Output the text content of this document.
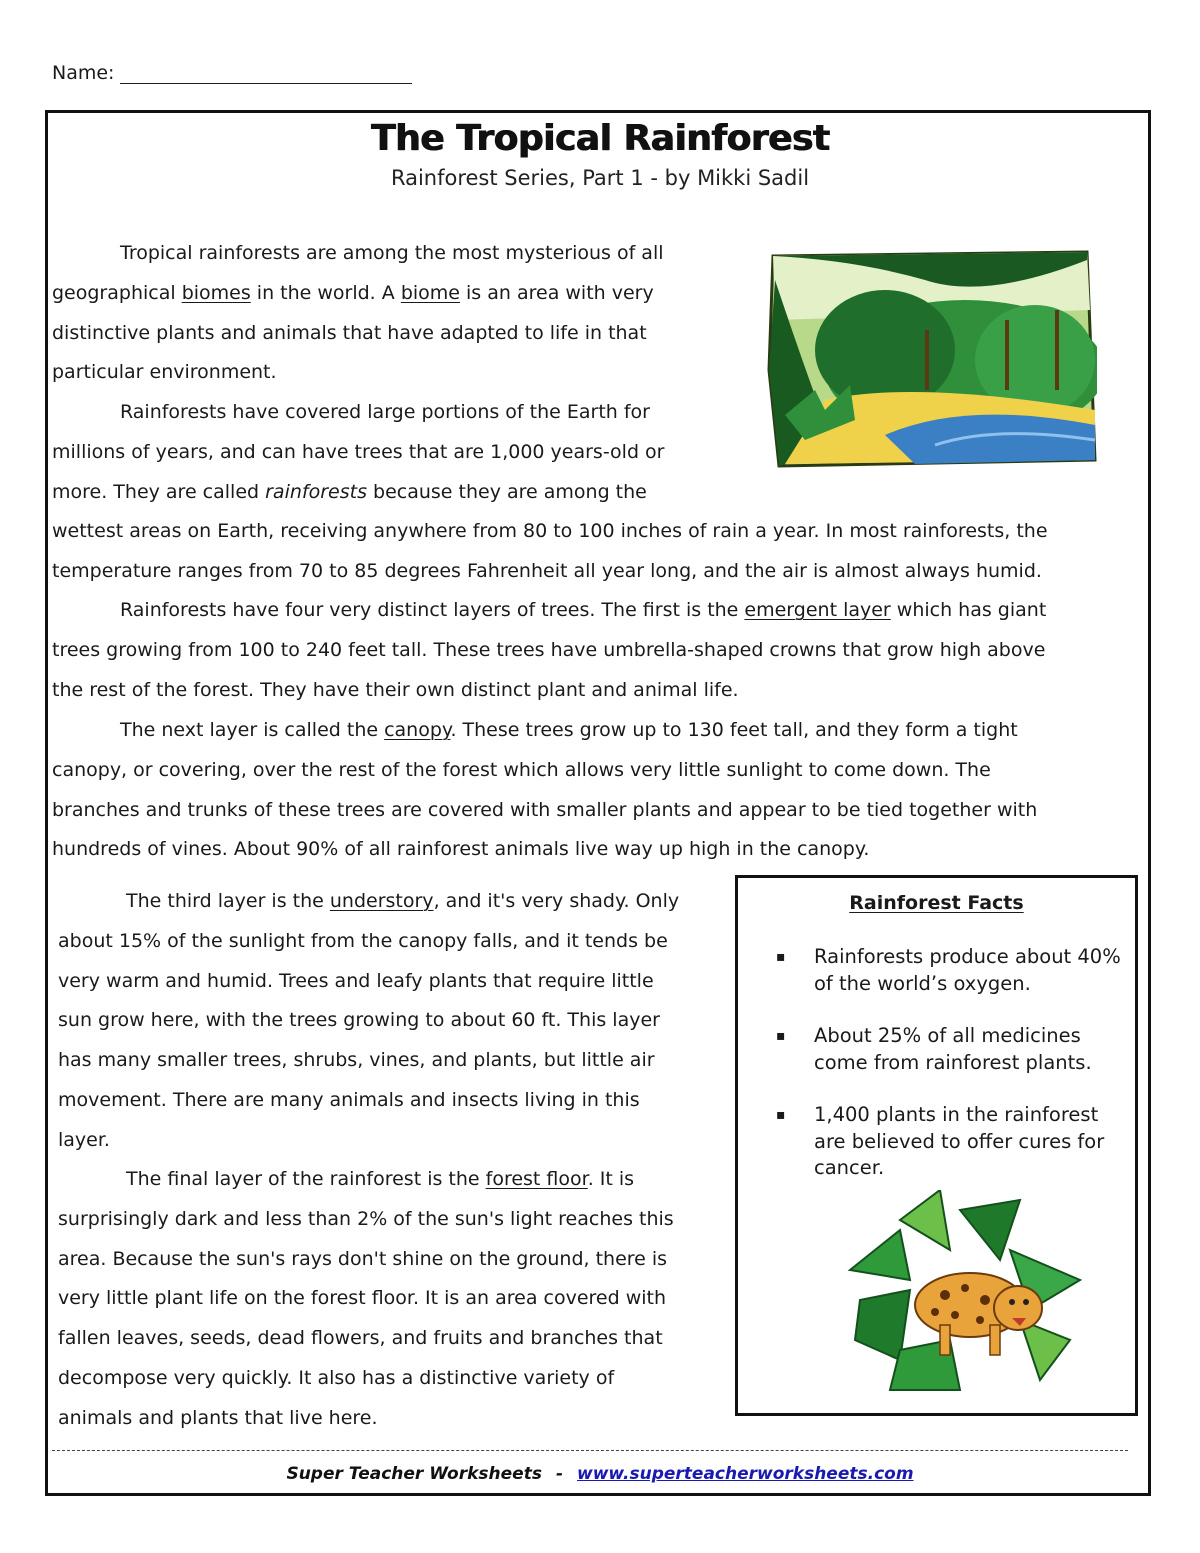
Name:
The Tropical Rainforest
Rainforest Series, Part 1 - by Mikki Sadil
Tropical rainforests are among the most mysterious of all
geographical biomes in the world. A biome is an area with very
distinctive plants and animals that have adapted to life in that
particular environment.
Rainforests have covered large portions of the Earth for
millions of years, and can have trees that are 1,000 years-old or
more. They are called rainforests because they are among the
wettest areas on Earth, receiving anywhere from 80 to 100 inches of rain a year. In most rainforests, the
temperature ranges from 70 to 85 degrees Fahrenheit all year long, and the air is almost always humid.
Rainforests have four very distinct layers of trees. The first is the emergent layer which has giant
trees growing from 100 to 240 feet tall. These trees have umbrella-shaped crowns that grow high above
the rest of the forest. They have their own distinct plant and animal life.
The next layer is called the canopy. These trees grow up to 130 feet tall, and they form a tight
canopy, or covering, over the rest of the forest which allows very little sunlight to come down. The
branches and trunks of these trees are covered with smaller plants and appear to be tied together with
hundreds of vines. About 90% of all rainforest animals live way up high in the canopy.
The third layer is the understory, and it's very shady. Only
about 15% of the sunlight from the canopy falls, and it tends be
very warm and humid. Trees and leafy plants that require little
sun grow here, with the trees growing to about 60 ft. This layer
has many smaller trees, shrubs, vines, and plants, but little air
movement. There are many animals and insects living in this
layer.
The final layer of the rainforest is the forest floor. It is
surprisingly dark and less than 2% of the sun's light reaches this
area. Because the sun's rays don't shine on the ground, there is
very little plant life on the forest floor. It is an area covered with
fallen leaves, seeds, dead flowers, and fruits and branches that
decompose very quickly. It also has a distinctive variety of
animals and plants that live here.
Rainforest Facts
▪ Rainforests produce about 40%
of the world’s oxygen.
▪ About 25% of all medicines
come from rainforest plants.
▪ 1,400 plants in the rainforest
are believed to offer cures for
cancer.
Super Teacher Worksheets - www.superteacherworksheets.com
